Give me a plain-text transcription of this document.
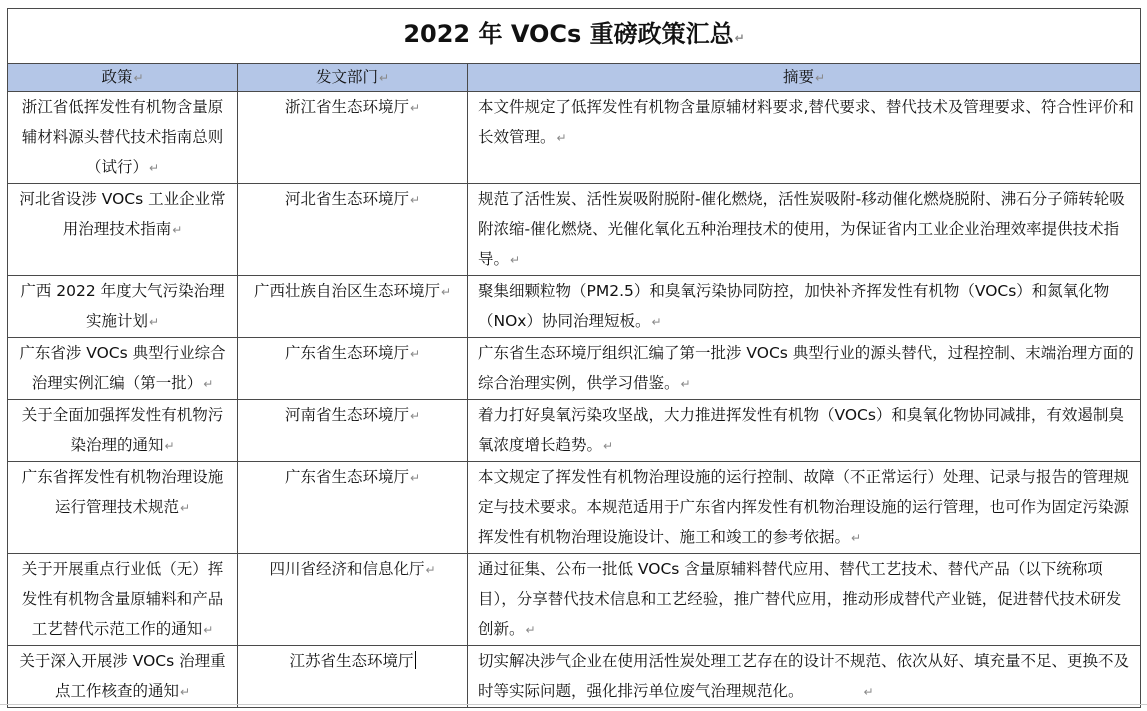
2022 年 VOCs 重磅政策汇总↵		
政策↵	发文部门↵	摘要↵
浙江省低挥发性有机物含量原辅材料源头替代技术指南总则（试行）↵	浙江省生态环境厅↵	本文件规定了低挥发性有机物含量原辅材料要求,替代要求、替代技术及管理要求、符合性评价和长效管理。↵
河北省设涉 VOCs 工业企业常用治理技术指南↵	河北省生态环境厅↵	规范了活性炭、活性炭吸附脱附-催化燃烧，活性炭吸附-移动催化燃烧脱附、沸石分子筛转轮吸附浓缩-催化燃烧、光催化氧化五种治理技术的使用，为保证省内工业企业治理效率提供技术指导。↵
广西 2022 年度大气污染治理实施计划↵	广西壮族自治区生态环境厅↵	聚集细颗粒物（PM2.5）和臭氧污染协同防控，加快补齐挥发性有机物（VOCs）和氮氧化物（NOx）协同治理短板。↵
广东省涉 VOCs 典型行业综合治理实例汇编（第一批）↵	广东省生态环境厅↵	广东省生态环境厅组织汇编了第一批涉 VOCs 典型行业的源头替代，过程控制、末端治理方面的综合治理实例，供学习借鉴。↵
关于全面加强挥发性有机物污染治理的通知↵	河南省生态环境厅↵	着力打好臭氧污染攻坚战，大力推进挥发性有机物（VOCs）和臭氧化物协同减排，有效遏制臭氧浓度增长趋势。↵
广东省挥发性有机物治理设施运行管理技术规范↵	广东省生态环境厅↵	本文规定了挥发性有机物治理设施的运行控制、故障（不正常运行）处理、记录与报告的管理规定与技术要求。本规范适用于广东省内挥发性有机物治理设施的运行管理，也可作为固定污染源挥发性有机物治理设施设计、施工和竣工的参考依据。↵
关于开展重点行业低（无）挥发性有机物含量原辅料和产品工艺替代示范工作的通知↵	四川省经济和信息化厅↵	通过征集、公布一批低 VOCs 含量原辅料替代应用、替代工艺技术、替代产品（以下统称项目），分享替代技术信息和工艺经验，推广替代应用，推动形成替代产业链，促进替代技术研发创新。↵
关于深入开展涉 VOCs 治理重点工作核查的通知↵	江苏省生态环境厅	切实解决涉气企业在使用活性炭处理工艺存在的设计不规范、依次从好、填充量不足、更换不及时等实际问题，强化排污单位废气治理规范化。 ↵
